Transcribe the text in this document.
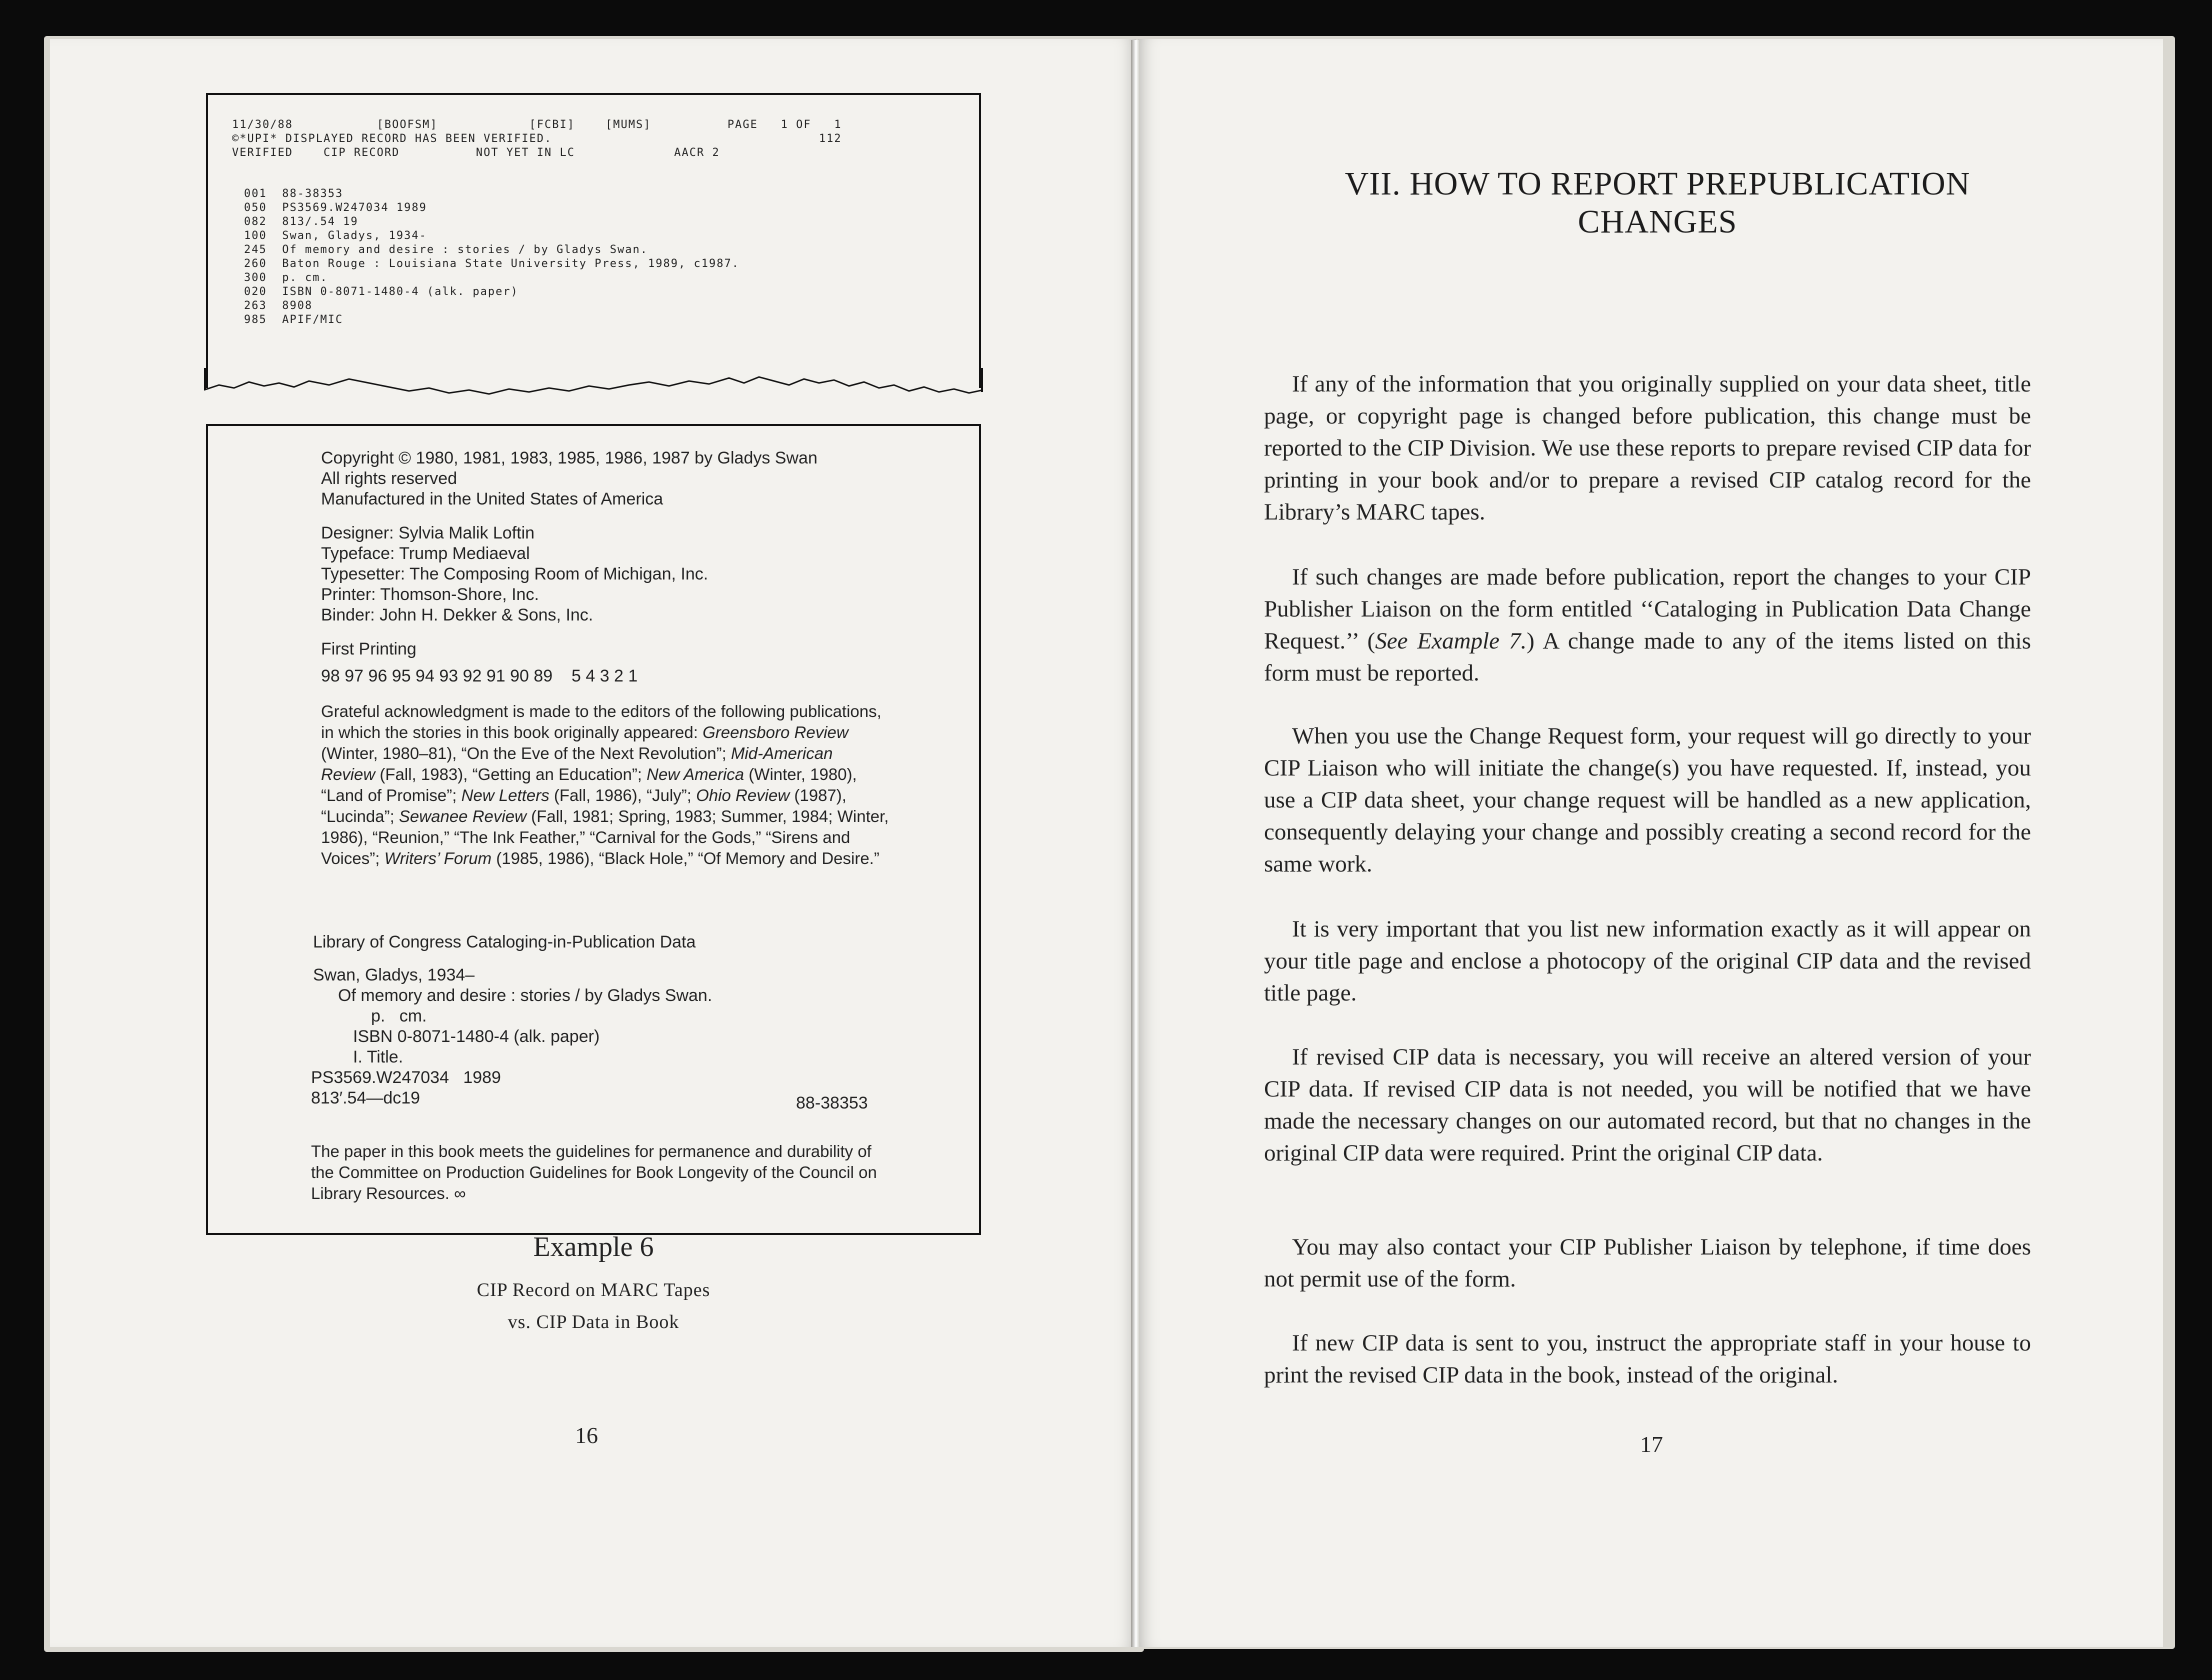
11/30/88           [BOOFSM]            [FCBI]    [MUMS]          PAGE   1 OF   1
©*UPI* DISPLAYED RECORD HAS BEEN VERIFIED.                                   112
VERIFIED    CIP RECORD          NOT YET IN LC             AACR 2
001  88-38353
050  PS3569.W247034 1989
082  813/.54 19
100  Swan, Gladys, 1934-
245  Of memory and desire : stories / by Gladys Swan.
260  Baton Rouge : Louisiana State University Press, 1989, c1987.
300  p. cm.
020  ISBN 0-8071-1480-4 (alk. paper)
263  8908
985  APIF/MIC
Copyright © 1980, 1981, 1983, 1985, 1986, 1987 by Gladys Swan
All rights reserved
Manufactured in the United States of America
Designer: Sylvia Malik Loftin
Typeface: Trump Mediaeval
Typesetter: The Composing Room of Michigan, Inc.
Printer: Thomson-Shore, Inc.
Binder: John H. Dekker & Sons, Inc.
First Printing
98 97 96 95 94 93 92 91 90 89    5 4 3 2 1
Grateful acknowledgment is made to the editors of the following publications, in which the stories in this book originally appeared: Greensboro Review (Winter, 1980–81), “On the Eve of the Next Revolution”; Mid-American Review (Fall, 1983), “Getting an Education”; New America (Winter, 1980), “Land of Promise”; New Letters (Fall, 1986), “July”; Ohio Review (1987), “Lucinda”; Sewanee Review (Fall, 1981; Spring, 1983; Summer, 1984; Winter, 1986), “Reunion,” “The Ink Feather,” “Carnival for the Gods,” “Sirens and Voices”; Writers’ Forum (1985, 1986), “Black Hole,” “Of Memory and Desire.”
Library of Congress Cataloging-in-Publication Data
Swan, Gladys, 1934–
Of memory and desire : stories / by Gladys Swan.
p.   cm.
ISBN 0-8071-1480-4 (alk. paper)
I. Title.
PS3569.W247034   1989
813′.54—dc19	88-38353
The paper in this book meets the guidelines for permanence and durability of the Committee on Production Guidelines for Book Longevity of the Council on Library Resources. ∞
Example 6
CIP Record on MARC Tapes
vs. CIP Data in Book
16
VII. HOW TO REPORT PREPUBLICATION
CHANGES
If any of the information that you originally supplied on your data sheet, title page, or copyright page is changed before publication, this change must be reported to the CIP Division. We use these reports to prepare revised CIP data for printing in your book and/or to prepare a revised CIP catalog record for the Library’s MARC tapes.
If such changes are made before publication, report the changes to your CIP Publisher Liaison on the form entitled ‘‘Cataloging in Publication Data Change Request.’’ (See Example 7.) A change made to any of the items listed on this form must be reported.
When you use the Change Request form, your request will go directly to your CIP Liaison who will initiate the change(s) you have requested. If, instead, you use a CIP data sheet, your change request will be handled as a new application, consequently delaying your change and possibly creating a second record for the same work.
It is very important that you list new information exactly as it will appear on your title page and enclose a photocopy of the original CIP data and the revised title page.
If revised CIP data is necessary, you will receive an altered version of your CIP data. If revised CIP data is not needed, you will be notified that we have made the necessary changes on our automated record, but that no changes in the original CIP data were required. Print the original CIP data.
You may also contact your CIP Publisher Liaison by telephone, if time does not permit use of the form.
If new CIP data is sent to you, instruct the appropriate staff in your house to print the revised CIP data in the book, instead of the original.
17
